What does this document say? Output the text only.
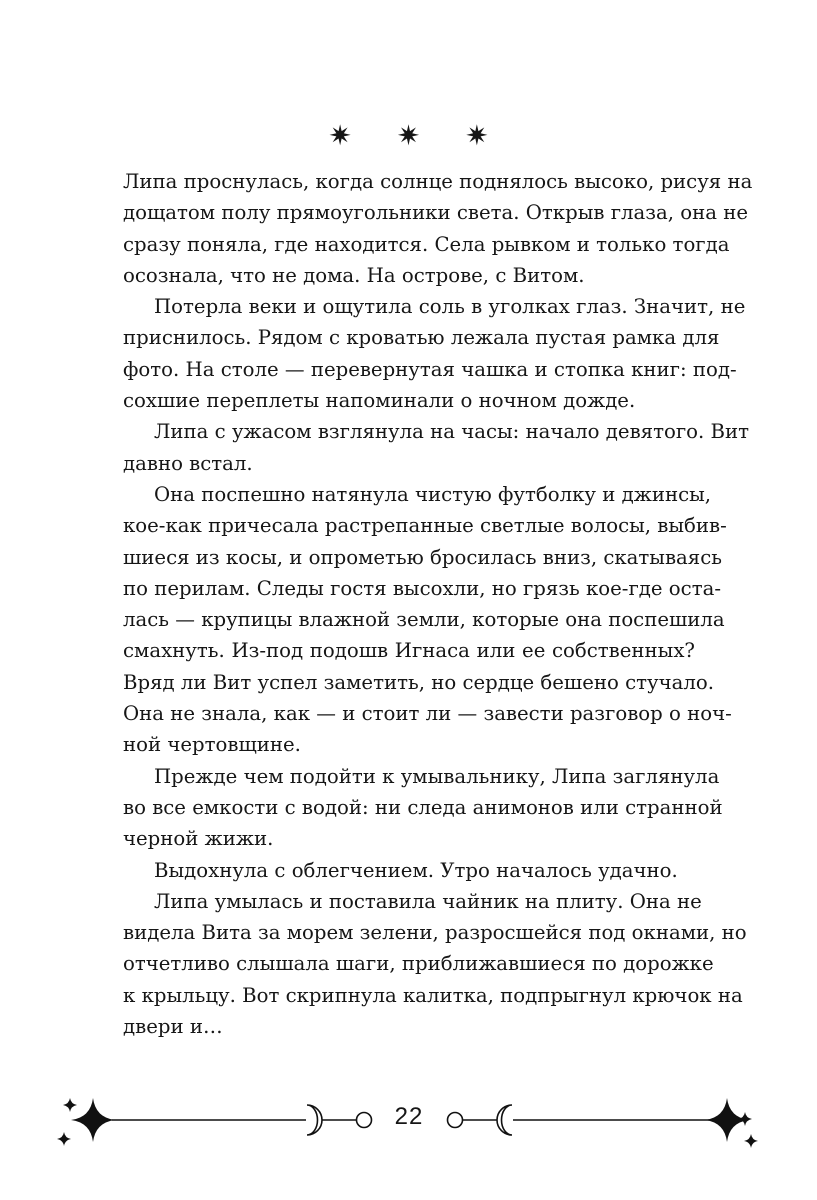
✷ ✷ ✷
Липа проснулась, когда солнце поднялось высоко, рисуя на
дощатом полу прямоугольники света. Открыв глаза, она не
сразу поняла, где находится. Села рывком и только тогда
осознала, что не дома. На острове, с Витом.
Потерла веки и ощутила соль в уголках глаз. Значит, не
приснилось. Рядом с кроватью лежала пустая рамка для
фото. На столе — перевернутая чашка и стопка книг: под-
сохшие переплеты напоминали о ночном дожде.
Липа с ужасом взглянула на часы: начало девятого. Вит
давно встал.
Она поспешно натянула чистую футболку и джинсы,
кое-как причесала растрепанные светлые волосы, выбив-
шиеся из косы, и опрометью бросилась вниз, скатываясь
по перилам. Следы гостя высохли, но грязь кое-где оста-
лась — крупицы влажной земли, которые она поспешила
смахнуть. Из-под подошв Игнаса или ее собственных?
Вряд ли Вит успел заметить, но сердце бешено стучало.
Она не знала, как — и стоит ли — завести разговор о ноч-
ной чертовщине.
Прежде чем подойти к умывальнику, Липа заглянула
во все емкости с водой: ни следа анимонов или странной
черной жижи.
Выдохнула с облегчением. Утро началось удачно.
Липа умылась и поставила чайник на плиту. Она не
видела Вита за морем зелени, разросшейся под окнами, но
отчетливо слышала шаги, приближавшиеся по дорожке
к крыльцу. Вот скрипнула калитка, подпрыгнул крючок на
двери и…
22
